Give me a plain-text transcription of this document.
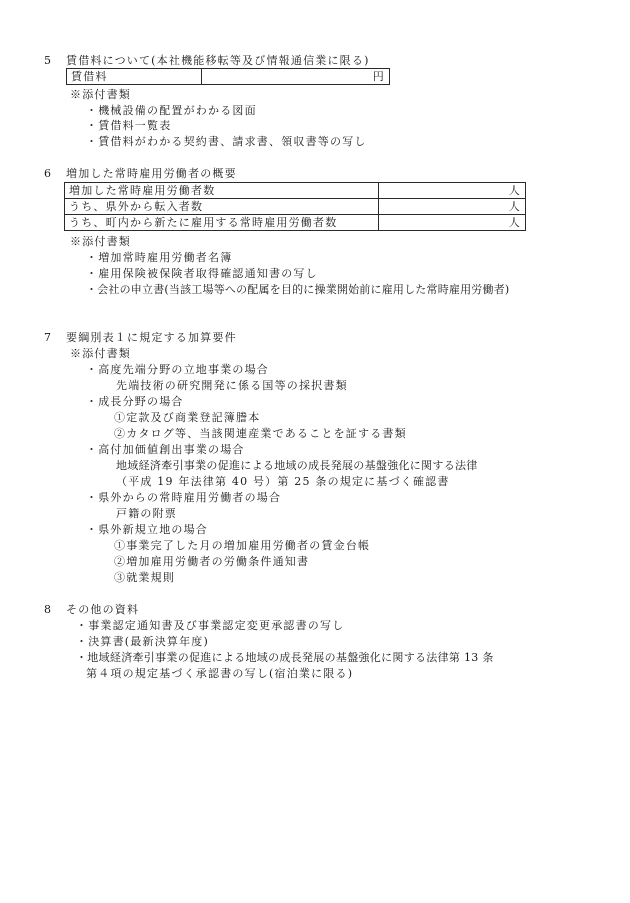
5 賃借料について(本社機能移転等及び情報通信業に限る)
賃借料	円
※添付書類
・機械設備の配置がわかる図面
・賃借料一覧表
・賃借料がわかる契約書、請求書、領収書等の写し
6 増加した常時雇用労働者の概要
増加した常時雇用労働者数	人
うち、県外から転入者数	人
うち、町内から新たに雇用する常時雇用労働者数	人
※添付書類
・増加常時雇用労働者名簿
・雇用保険被保険者取得確認通知書の写し
・会社の申立書(当該工場等への配属を目的に操業開始前に雇用した常時雇用労働者)
7 要綱別表１に規定する加算要件
※添付書類
・高度先端分野の立地事業の場合
先端技術の研究開発に係る国等の採択書類
・成長分野の場合
①定款及び商業登記簿謄本
②カタログ等、当該関連産業であることを証する書類
・高付加価値創出事業の場合
地域経済牽引事業の促進による地域の成長発展の基盤強化に関する法律
（平成 19 年法律第 40 号）第 25 条の規定に基づく確認書
・県外からの常時雇用労働者の場合
戸籍の附票
・県外新規立地の場合
①事業完了した月の増加雇用労働者の賃金台帳
②増加雇用労働者の労働条件通知書
③就業規則
8 その他の資料
・事業認定通知書及び事業認定変更承認書の写し
・決算書(最新決算年度)
・地域経済牽引事業の促進による地域の成長発展の基盤強化に関する法律第 13 条
第４項の規定基づく承認書の写し(宿泊業に限る)
